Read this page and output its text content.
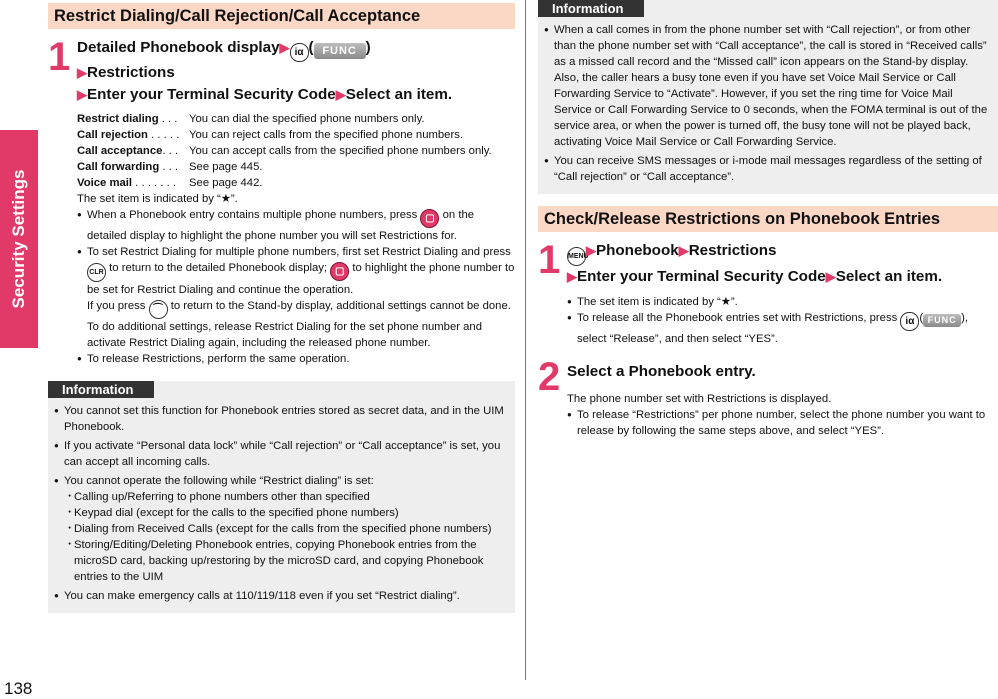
Security Settings
138
Restrict Dialing/Call Rejection/Call Acceptance
1 Detailed Phonebook display▶ iα ( FUNC )
▶Restrictions
▶Enter your Terminal Security Code▶Select an item.
Restrict dialing . . .	You can dial the specified phone numbers only.
Call rejection . . . . . You can reject calls from the specified phone numbers.
Call acceptance. . . You can accept calls from the specified phone numbers only.
Call forwarding . . . See page 445.
Voice mail . . . . . . .	See page 442.
The set item is indicated by “★”.
● When a Phonebook entry contains multiple phone numbers, press ▢ on the detailed display to highlight the phone number you will set Restrictions for.
● To set Restrict Dialing for multiple phone numbers, first set Restrict Dialing and press CLR to return to the detailed Phonebook display; ▢ to highlight the phone number to be set for Restrict Dialing and continue the operation.
If you press ⌒ to return to the Stand-by display, additional settings cannot be done. To do additional settings, release Restrict Dialing for the set phone number and activate Restrict Dialing again, including the released phone number.
● To release Restrictions, perform the same operation.
Information
● You cannot set this function for Phonebook entries stored as secret data, and in the UIM Phonebook.
● If you activate “Personal data lock” while “Call rejection” or “Call acceptance” is set, you can accept all incoming calls.
● You cannot operate the following while “Restrict dialing” is set:
・ Calling up/Referring to phone numbers other than specified
・ Keypad dial (except for the calls to the specified phone numbers)
・ Dialing from Received Calls (except for the calls from the specified phone numbers)
・ Storing/Editing/Deleting Phonebook entries, copying Phonebook entries from the microSD card, backing up/restoring by the microSD card, and copying Phonebook entries to the UIM
● You can make emergency calls at 110/119/118 even if you set “Restrict dialing”.
Information
● When a call comes in from the phone number set with “Call rejection”, or from other than the phone number set with “Call acceptance”, the call is stored in “Received calls” as a missed call record and the “Missed call” icon appears on the Stand-by display. Also, the caller hears a busy tone even if you have set Voice Mail Service or Call Forwarding Service to “Activate”. However, if you set the ring time for Voice Mail Service or Call Forwarding Service to 0 seconds, when the FOMA terminal is out of the service area, or when the power is turned off, the busy tone will not be played back, activating Voice Mail Service or Call Forwarding Service.
● You can receive SMS messages or i-mode mail messages regardless of the setting of “Call rejection” or “Call acceptance”.
Check/Release Restrictions on Phonebook Entries
1 MENU▶Phonebook▶Restrictions
▶Enter your Terminal Security Code▶Select an item.
● The set item is indicated by “★”.
● To release all the Phonebook entries set with Restrictions, press iα ( FUNC ),
select “Release”, and then select “YES”.
2 Select a Phonebook entry.
The phone number set with Restrictions is displayed.
● To release “Restrictions” per phone number, select the phone number you want to release by following the same steps above, and select “YES”.
